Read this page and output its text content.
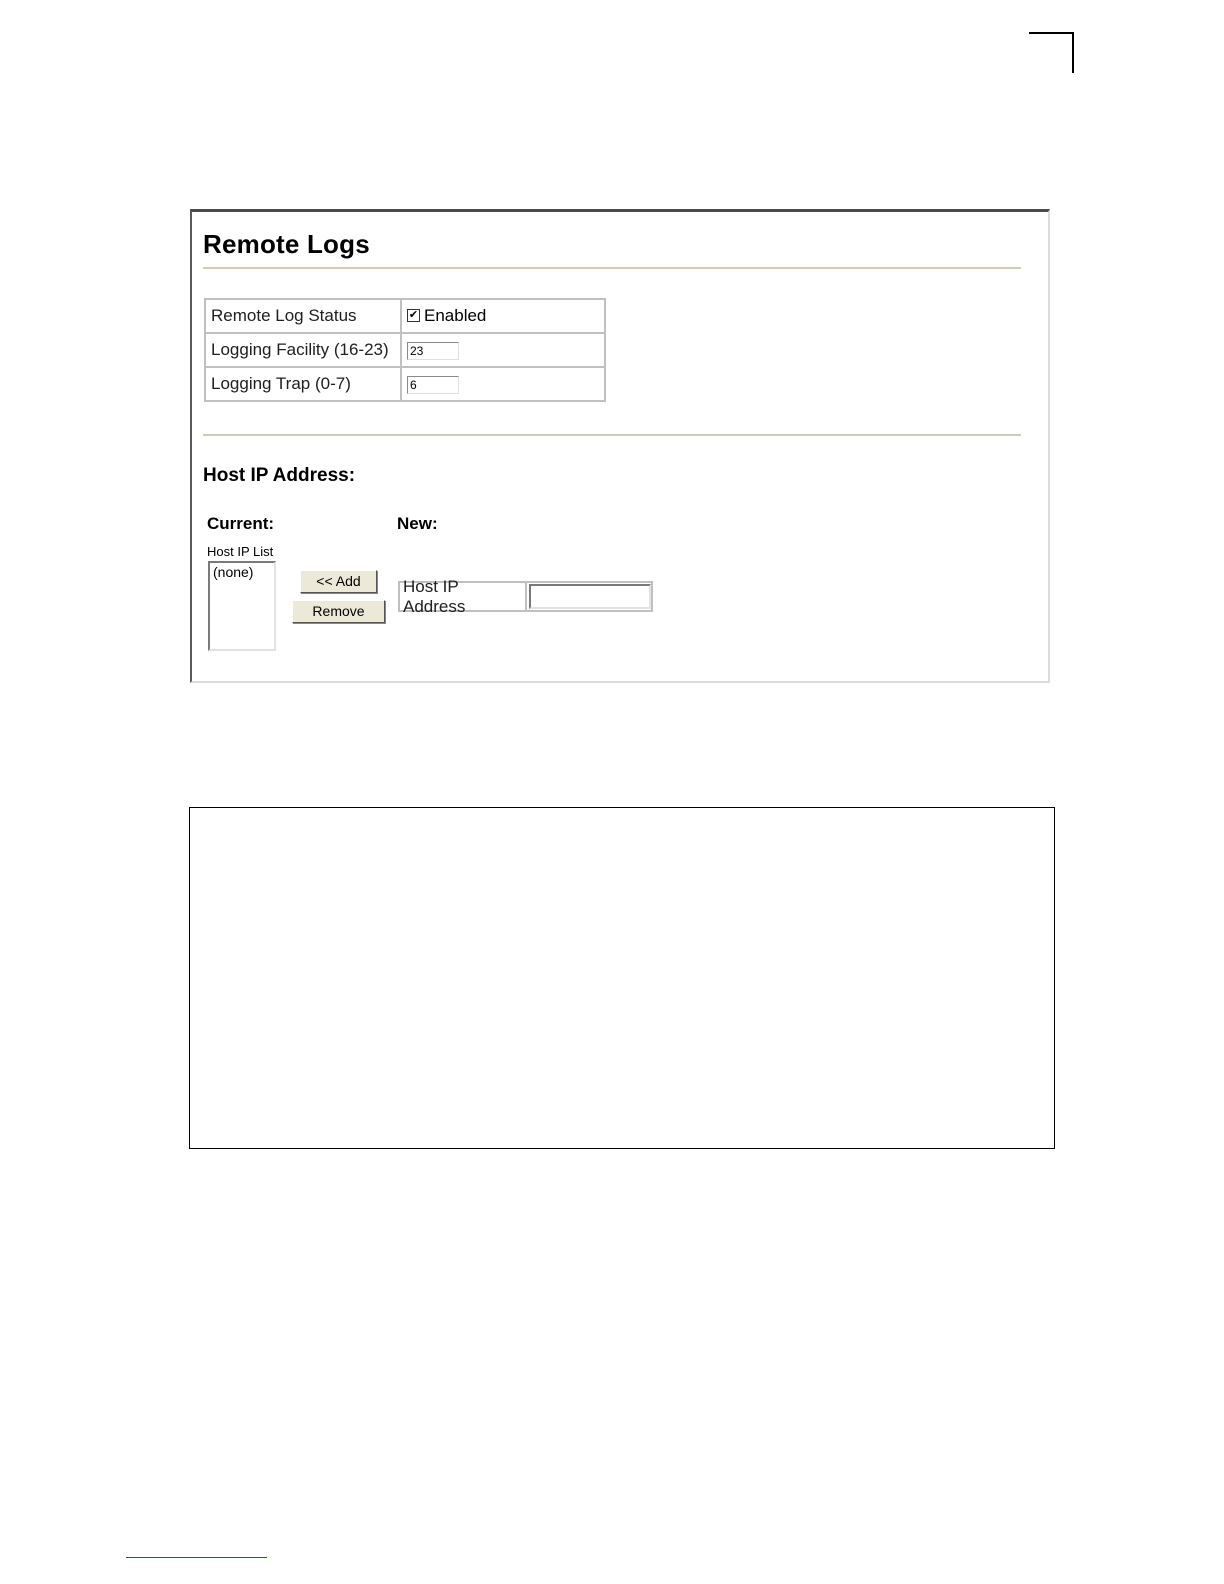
Remote Logs
Remote Log Status	✔ Enabled
Logging Facility (16-23)	23
Logging Trap (0-7)	6
Host IP Address:
Current:	New:
Host IP List
(none)
<< Add
Remove
Host IP Address
